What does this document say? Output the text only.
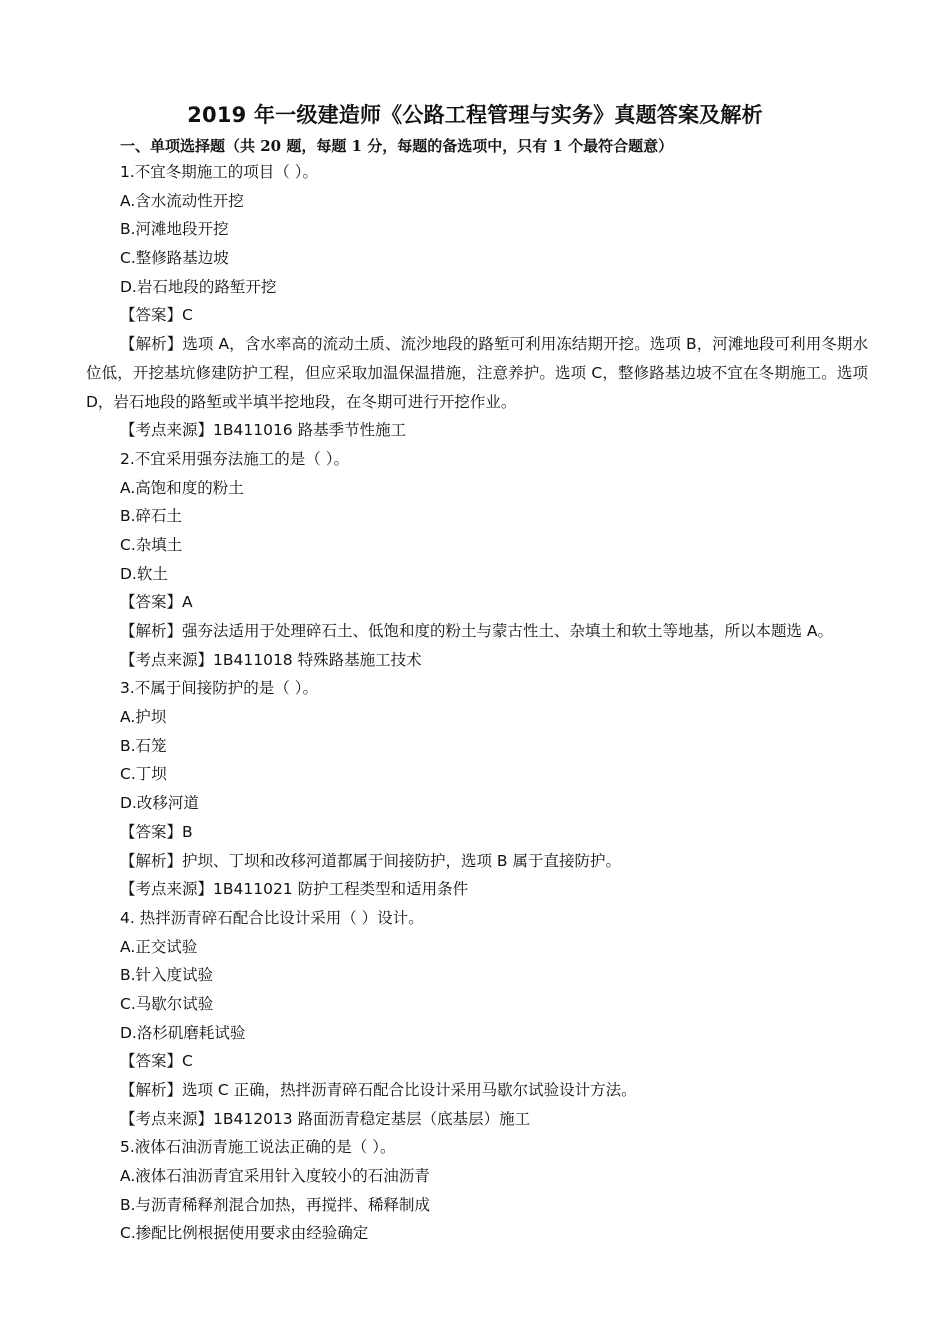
2019 年一级建造师《公路工程管理与实务》真题答案及解析
一、单项选择题（共 20 题，每题 1 分，每题的备选项中，只有 1 个最符合题意）
1.不宜冬期施工的项目（ ）。
A.含水流动性开挖
B.河滩地段开挖
C.整修路基边坡
D.岩石地段的路堑开挖
【答案】C
【解析】选项 A，含水率高的流动土质、流沙地段的路堑可利用冻结期开挖。选项 B，河滩地段可利用冬期水位低，开挖基坑修建防护工程，但应采取加温保温措施，注意养护。选项 C，整修路基边坡不宜在冬期施工。选项 D，岩石地段的路堑或半填半挖地段，在冬期可进行开挖作业。
【考点来源】1B411016 路基季节性施工
2.不宜采用强夯法施工的是（ ）。
A.高饱和度的粉土
B.碎石土
C.杂填土
D.软土
【答案】A
【解析】强夯法适用于处理碎石土、低饱和度的粉土与蒙古性土、杂填土和软土等地基，所以本题选 A。
【考点来源】1B411018 特殊路基施工技术
3.不属于间接防护的是（ ）。
A.护坝
B.石笼
C.丁坝
D.改移河道
【答案】B
【解析】护坝、丁坝和改移河道都属于间接防护，选项 B 属于直接防护。
【考点来源】1B411021 防护工程类型和适用条件
4. 热拌沥青碎石配合比设计采用（ ）设计。
A.正交试验
B.针入度试验
C.马歇尔试验
D.洛杉矶磨耗试验
【答案】C
【解析】选项 C 正确，热拌沥青碎石配合比设计采用马歇尔试验设计方法。
【考点来源】1B412013 路面沥青稳定基层（底基层）施工
5.液体石油沥青施工说法正确的是（ ）。
A.液体石油沥青宜采用针入度较小的石油沥青
B.与沥青稀释剂混合加热，再搅拌、稀释制成
C.掺配比例根据使用要求由经验确定
